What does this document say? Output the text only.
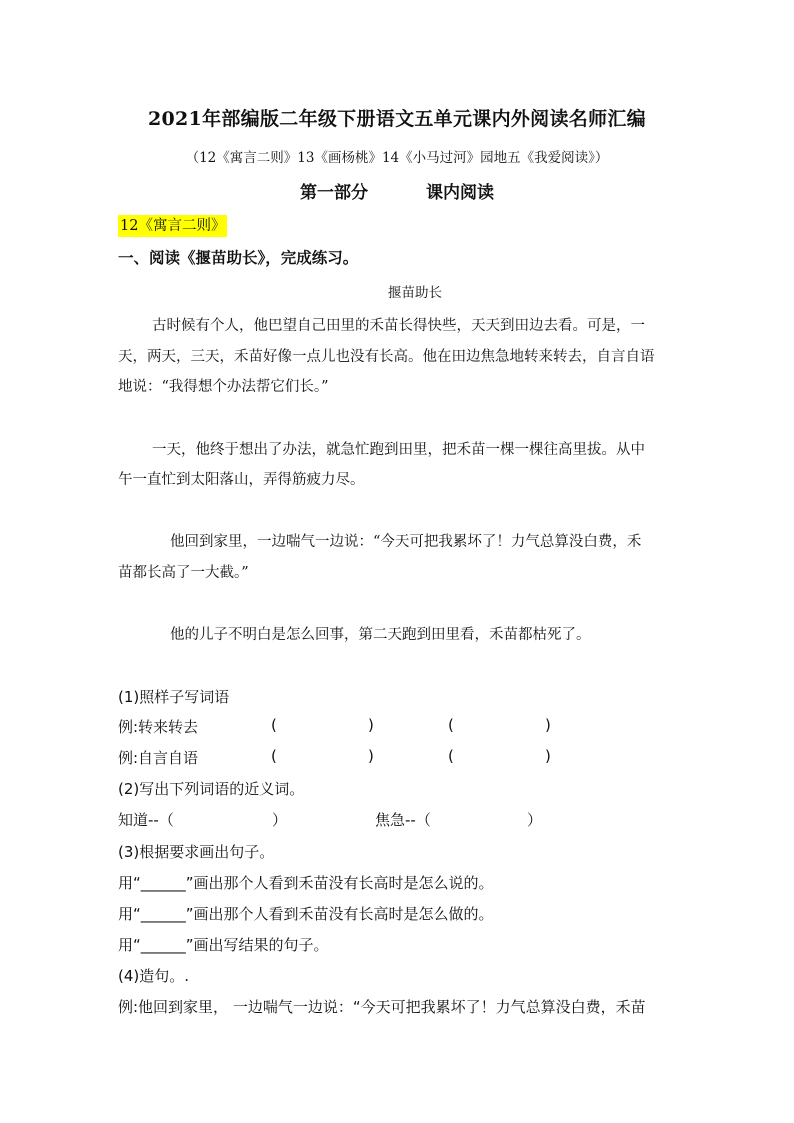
2021年部编版二年级下册语文五单元课内外阅读名师汇编
（12《寓言二则》13《画杨桃》14《小马过河》园地五《我爱阅读》）
第一部分	课内阅读
12《寓言二则》
一、阅读《揠苗助长》，完成练习。
揠苗助长
古时候有个人，他巴望自己田里的禾苗长得快些，天天到田边去看。可是，一
天，两天，三天，禾苗好像一点儿也没有长高。他在田边焦急地转来转去，自言自语
地说：“我得想个办法帮它们长。”
一天，他终于想出了办法，就急忙跑到田里，把禾苗一棵一棵往高里拔。从中
午一直忙到太阳落山，弄得筋疲力尽。
他回到家里，一边喘气一边说：“今天可把我累坏了！力气总算没白费，禾
苗都长高了一大截。”
他的儿子不明白是怎么回事，第二天跑到田里看，禾苗都枯死了。
(1)照样子写词语
例:转来转去	(	)	(	)
例:自言自语	(	)	(	)
(2)写出下列词语的近义词。
知道--（	）	焦急--（	）
(3)根据要求画出句子。
用“______”画出那个人看到禾苗没有长高时是怎么说的。
用“______”画出那个人看到禾苗没有长高时是怎么做的。
用“______”画出写结果的句子。
(4)造句。.
例:他回到家里， 一边喘气一边说：“今天可把我累坏了！力气总算没白费，禾苗
